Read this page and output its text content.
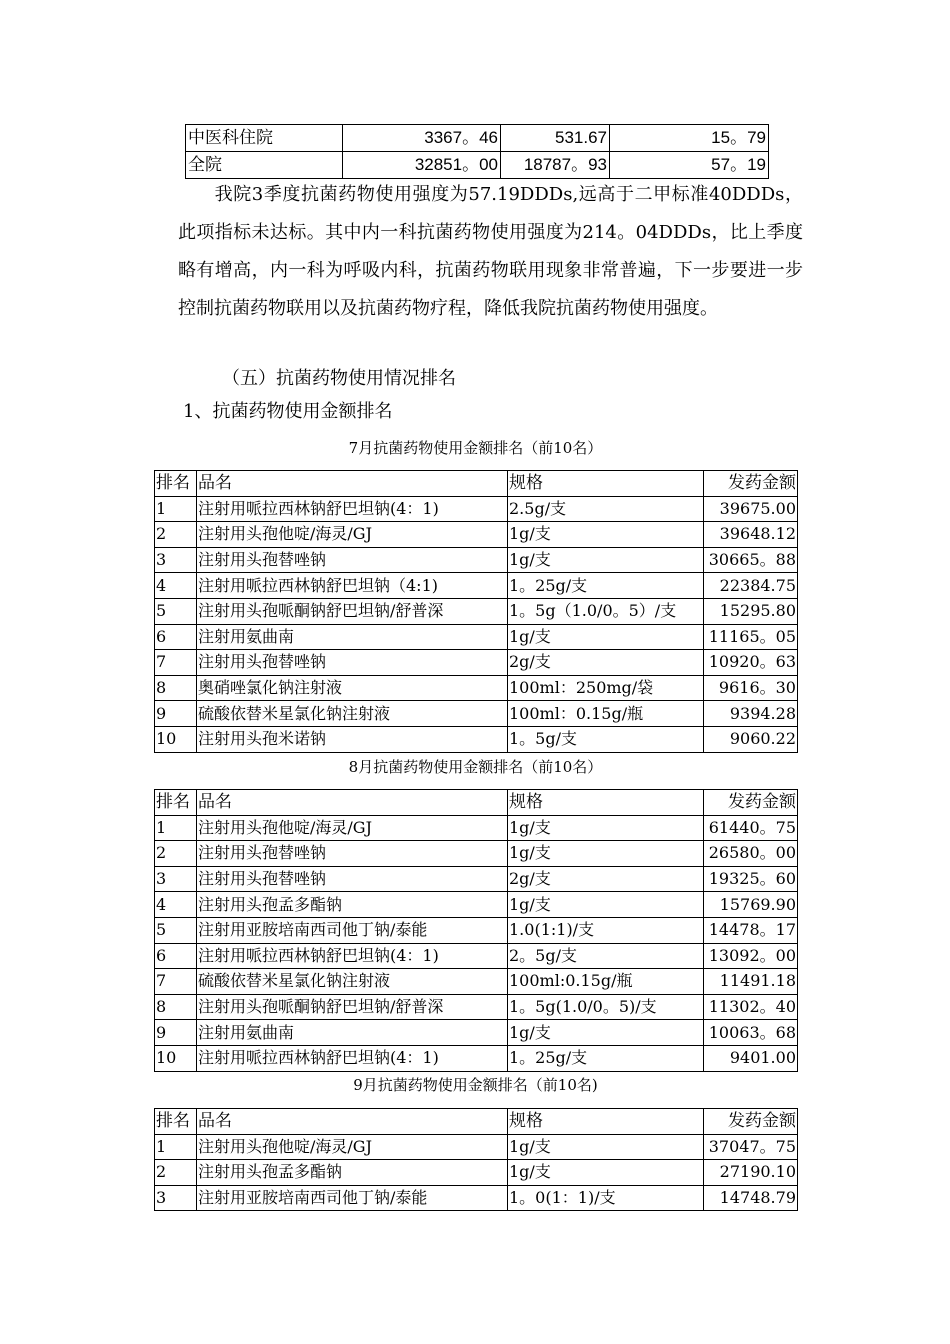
中医科住院	3367。46	531.67	15。79
全院	32851。00	18787。93	57。19
我院3季度抗菌药物使用强度为57.19DDDs,远高于二甲标准40DDDs，此项指标未达标。其中内一科抗菌药物使用强度为214。04DDDs，比上季度略有增高，内一科为呼吸内科，抗菌药物联用现象非常普遍，下一步要进一步控制抗菌药物联用以及抗菌药物疗程，降低我院抗菌药物使用强度。
（五）抗菌药物使用情况排名
1、抗菌药物使用金额排名
7月抗菌药物使用金额排名（前10名）
排名	品名	规格	发药金额
1	注射用哌拉西林钠舒巴坦钠(4：1)	2.5g/支	39675.00
2	注射用头孢他啶/海灵/GJ	1g/支	39648.12
3	注射用头孢替唑钠	1g/支	30665。88
4	注射用哌拉西林钠舒巴坦钠（4:1)	1。25g/支	22384.75
5	注射用头孢哌酮钠舒巴坦钠/舒普深	1。5g（1.0/0。5）/支	15295.80
6	注射用氨曲南	1g/支	11165。05
7	注射用头孢替唑钠	2g/支	10920。63
8	奥硝唑氯化钠注射液	100ml：250mg/袋	9616。30
9	硫酸依替米星氯化钠注射液	100ml：0.15g/瓶	9394.28
10	注射用头孢米诺钠	1。5g/支	9060.22
8月抗菌药物使用金额排名（前10名）
排名	品名	规格	发药金额
1	注射用头孢他啶/海灵/GJ	1g/支	61440。75
2	注射用头孢替唑钠	1g/支	26580。00
3	注射用头孢替唑钠	2g/支	19325。60
4	注射用头孢孟多酯钠	1g/支	15769.90
5	注射用亚胺培南西司他丁钠/泰能	1.0(1:1)/支	14478。17
6	注射用哌拉西林钠舒巴坦钠(4：1)	2。5g/支	13092。00
7	硫酸依替米星氯化钠注射液	100ml:0.15g/瓶	11491.18
8	注射用头孢哌酮钠舒巴坦钠/舒普深	1。5g(1.0/0。5)/支	11302。40
9	注射用氨曲南	1g/支	10063。68
10	注射用哌拉西林钠舒巴坦钠(4：1)	1。25g/支	9401.00
9月抗菌药物使用金额排名（前10名)
排名	品名	规格	发药金额
1	注射用头孢他啶/海灵/GJ	1g/支	37047。75
2	注射用头孢孟多酯钠	1g/支	27190.10
3	注射用亚胺培南西司他丁钠/泰能	1。0(1：1)/支	14748.79
